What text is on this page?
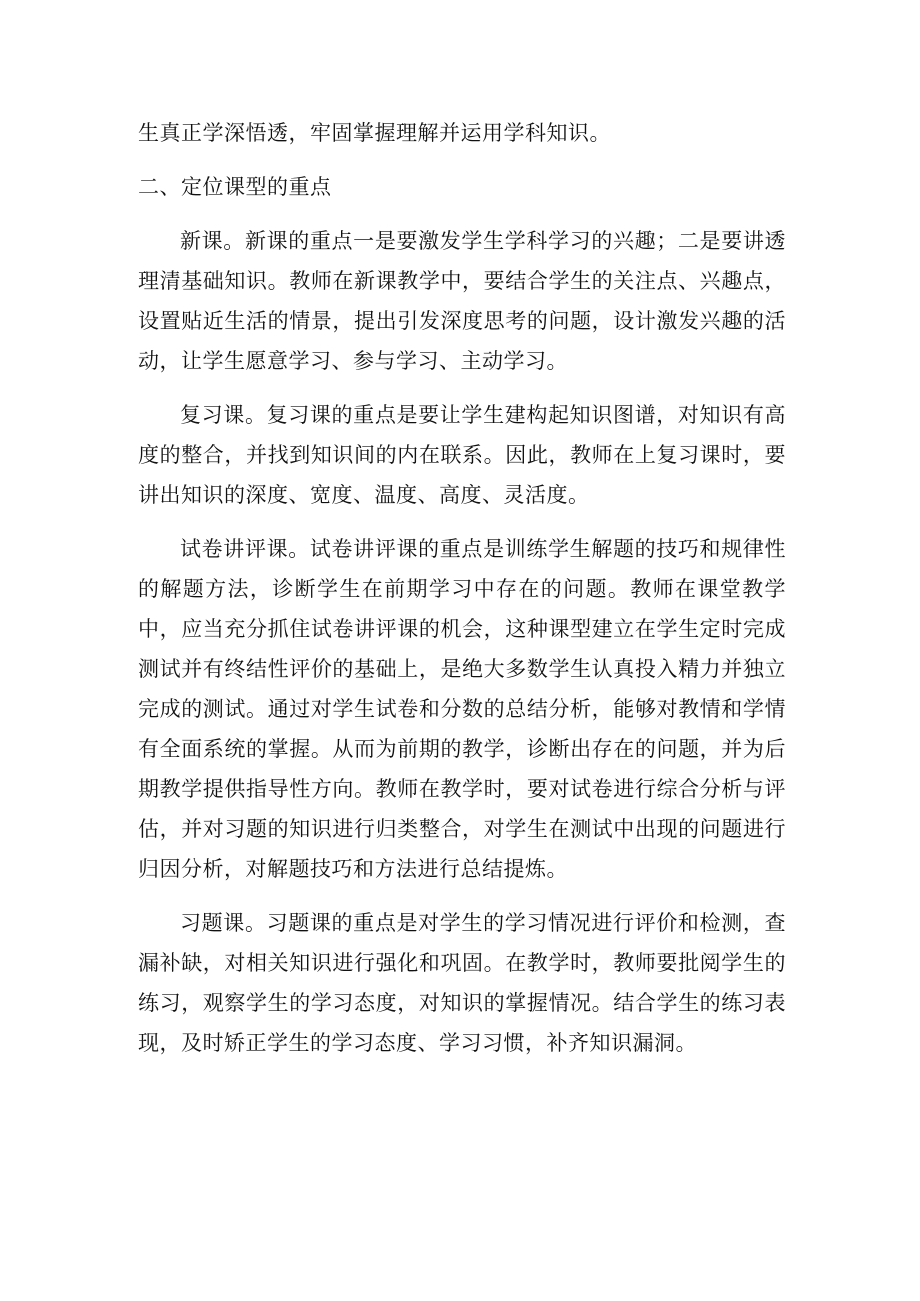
生真正学深悟透，牢固掌握理解并运用学科知识。

二、定位课型的重点

新课。新课的重点一是要激发学生学科学习的兴趣；二是要讲透理清基础知识。教师在新课教学中，要结合学生的关注点、兴趣点，设置贴近生活的情景，提出引发深度思考的问题，设计激发兴趣的活动，让学生愿意学习、参与学习、主动学习。

复习课。复习课的重点是要让学生建构起知识图谱，对知识有高度的整合，并找到知识间的内在联系。因此，教师在上复习课时，要讲出知识的深度、宽度、温度、高度、灵活度。

试卷讲评课。试卷讲评课的重点是训练学生解题的技巧和规律性的解题方法，诊断学生在前期学习中存在的问题。教师在课堂教学中，应当充分抓住试卷讲评课的机会，这种课型建立在学生定时完成测试并有终结性评价的基础上，是绝大多数学生认真投入精力并独立完成的测试。通过对学生试卷和分数的总结分析，能够对教情和学情有全面系统的掌握。从而为前期的教学，诊断出存在的问题，并为后期教学提供指导性方向。教师在教学时，要对试卷进行综合分析与评估，并对习题的知识进行归类整合，对学生在测试中出现的问题进行归因分析，对解题技巧和方法进行总结提炼。

习题课。习题课的重点是对学生的学习情况进行评价和检测，查漏补缺，对相关知识进行强化和巩固。在教学时，教师要批阅学生的练习，观察学生的学习态度，对知识的掌握情况。结合学生的练习表现，及时矫正学生的学习态度、学习习惯，补齐知识漏洞。
